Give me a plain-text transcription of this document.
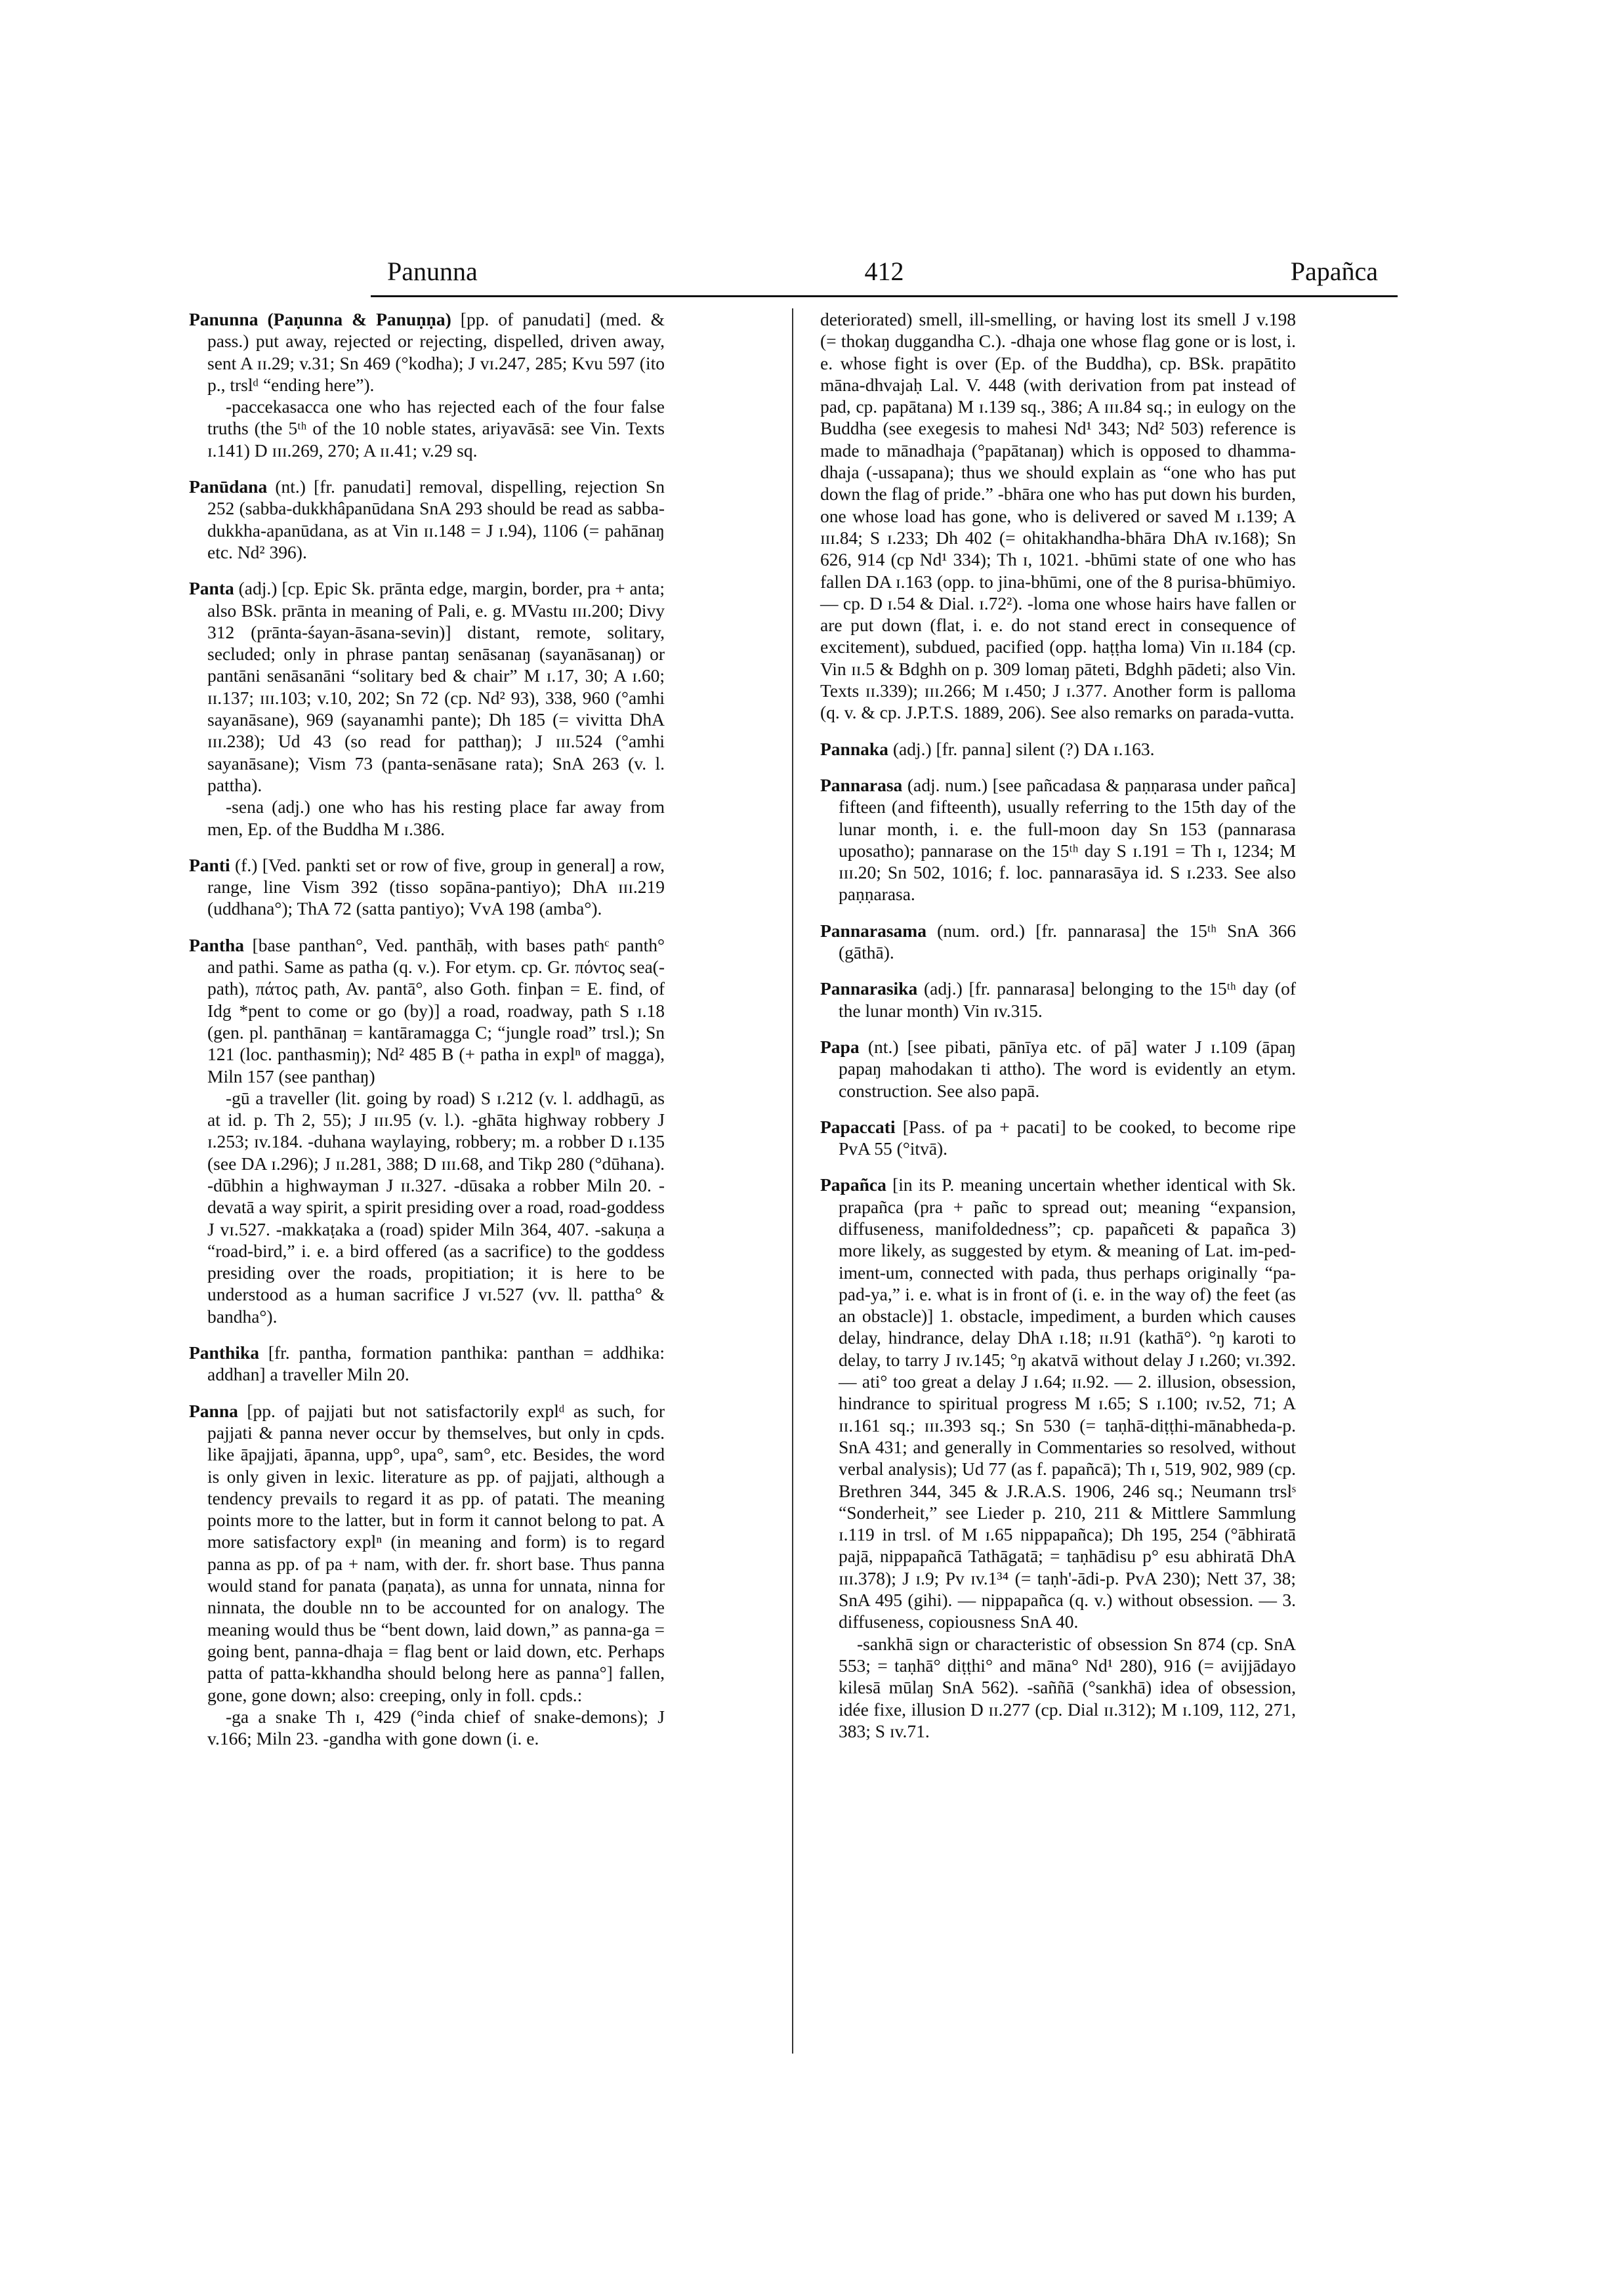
Panunna	412	Papañca

Panunna (Paṇunna & Panuṇṇa) [pp. of panudati] (med. & pass.) put away, rejected or rejecting, dispelled, driven away, sent A ɪɪ.29; v.31; Sn 469 (°kodha); J vɪ.247, 285; Kvu 597 (ito p., trslᵈ “ending here”).
-paccekasacca one who has rejected each of the four false truths (the 5ᵗʰ of the 10 noble states, ariyavāsā: see Vin. Texts ɪ.141) D ɪɪɪ.269, 270; A ɪɪ.41; v.29 sq.

Panūdana (nt.) [fr. panudati] removal, dispelling, rejection Sn 252 (sabba-dukkhâpanūdana SnA 293 should be read as sabba-dukkha-apanūdana, as at Vin ɪɪ.148 = J ɪ.94), 1106 (= pahānaŋ etc. Nd² 396).

Panta (adj.) [cp. Epic Sk. prānta edge, margin, border, pra + anta; also BSk. prānta in meaning of Pali, e. g. MVastu ɪɪɪ.200; Divy 312 (prānta-śayan-āsana-sevin)] distant, remote, solitary, secluded; only in phrase pantaŋ senāsanaŋ (sayanāsanaŋ) or pantāni senāsanāni “solitary bed & chair” M ɪ.17, 30; A ɪ.60; ɪɪ.137; ɪɪɪ.103; v.10, 202; Sn 72 (cp. Nd² 93), 338, 960 (°amhi sayanāsane), 969 (sayanamhi pante); Dh 185 (= vivitta DhA ɪɪɪ.238); Ud 43 (so read for patthaŋ); J ɪɪɪ.524 (°amhi sayanāsane); Vism 73 (panta-senāsane rata); SnA 263 (v. l. pattha).
-sena (adj.) one who has his resting place far away from men, Ep. of the Buddha M ɪ.386.

Panti (f.) [Ved. pankti set or row of five, group in general] a row, range, line Vism 392 (tisso sopāna-pantiyo); DhA ɪɪɪ.219 (uddhana°); ThA 72 (satta pantiyo); VvA 198 (amba°).

Pantha [base panthan°, Ved. panthāḥ, with bases pathᶜ panth° and pathi. Same as patha (q. v.). For etym. cp. Gr. πόντος sea(-path), πάτος path, Av. pantā°, also Goth. finþan = E. find, of Idg *pent to come or go (by)] a road, roadway, path S ɪ.18 (gen. pl. panthānaŋ = kantāramagga C; “jungle road” trsl.); Sn 121 (loc. panthasmiŋ); Nd² 485 B (+ patha in explⁿ of magga), Miln 157 (see panthaŋ)
-gū a traveller (lit. going by road) S ɪ.212 (v. l. addhagū, as at id. p. Th 2, 55); J ɪɪɪ.95 (v. l.). -ghāta highway robbery J ɪ.253; ɪv.184. -duhana waylaying, robbery; m. a robber D ɪ.135 (see DA ɪ.296); J ɪɪ.281, 388; D ɪɪɪ.68, and Tikp 280 (°dūhana). -dūbhin a highwayman J ɪɪ.327. -dūsaka a robber Miln 20. -devatā a way spirit, a spirit presiding over a road, road-goddess J vɪ.527. -makkaṭaka a (road) spider Miln 364, 407. -sakuṇa a “road-bird,” i. e. a bird offered (as a sacrifice) to the goddess presiding over the roads, propitiation; it is here to be understood as a human sacrifice J vɪ.527 (vv. ll. pattha° & bandha°).

Panthika [fr. pantha, formation panthika: panthan = addhika: addhan] a traveller Miln 20.

Panna [pp. of pajjati but not satisfactorily explᵈ as such, for pajjati & panna never occur by themselves, but only in cpds. like āpajjati, āpanna, upp°, upa°, sam°, etc. Besides, the word is only given in lexic. literature as pp. of pajjati, although a tendency prevails to regard it as pp. of patati. The meaning points more to the latter, but in form it cannot belong to pat. A more satisfactory explⁿ (in meaning and form) is to regard panna as pp. of pa + nam, with der. fr. short base. Thus panna would stand for panata (paṇata), as unna for unnata, ninna for ninnata, the double nn to be accounted for on analogy. The meaning would thus be “bent down, laid down,” as panna-ga = going bent, panna-dhaja = flag bent or laid down, etc. Perhaps patta of patta-kkhandha should belong here as panna°] fallen, gone, gone down; also: creeping, only in foll. cpds.:
-ga a snake Th ɪ, 429 (°inda chief of snake-demons); J v.166; Miln 23. -gandha with gone down (i. e.

deteriorated) smell, ill-smelling, or having lost its smell J v.198 (= thokaŋ duggandha C.). -dhaja one whose flag gone or is lost, i. e. whose fight is over (Ep. of the Buddha), cp. BSk. prapātito māna-dhvajaḥ Lal. V. 448 (with derivation from pat instead of pad, cp. papātana) M ɪ.139 sq., 386; A ɪɪɪ.84 sq.; in eulogy on the Buddha (see exegesis to mahesi Nd¹ 343; Nd² 503) reference is made to mānadhaja (°papātanaŋ) which is opposed to dhamma-dhaja (-ussapana); thus we should explain as “one who has put down the flag of pride.” -bhāra one who has put down his burden, one whose load has gone, who is delivered or saved M ɪ.139; A ɪɪɪ.84; S ɪ.233; Dh 402 (= ohitakhandha-bhāra DhA ɪv.168); Sn 626, 914 (cp Nd¹ 334); Th ɪ, 1021. -bhūmi state of one who has fallen DA ɪ.163 (opp. to jina-bhūmi, one of the 8 purisa-bhūmiyo. — cp. D ɪ.54 & Dial. ɪ.72²). -loma one whose hairs have fallen or are put down (flat, i. e. do not stand erect in consequence of excitement), subdued, pacified (opp. haṭṭha loma) Vin ɪɪ.184 (cp. Vin ɪɪ.5 & Bdghh on p. 309 lomaŋ pāteti, Bdghh pādeti; also Vin. Texts ɪɪ.339); ɪɪɪ.266; M ɪ.450; J ɪ.377. Another form is palloma (q. v. & cp. J.P.T.S. 1889, 206). See also remarks on parada-vutta.

Pannaka (adj.) [fr. panna] silent (?) DA ɪ.163.

Pannarasa (adj. num.) [see pañcadasa & paṇṇarasa under pañca] fifteen (and fifteenth), usually referring to the 15th day of the lunar month, i. e. the full-moon day Sn 153 (pannarasa uposatho); pannarase on the 15ᵗʰ day S ɪ.191 = Th ɪ, 1234; M ɪɪɪ.20; Sn 502, 1016; f. loc. pannarasāya id. S ɪ.233. See also paṇṇarasa.

Pannarasama (num. ord.) [fr. pannarasa] the 15ᵗʰ SnA 366 (gāthā).

Pannarasika (adj.) [fr. pannarasa] belonging to the 15ᵗʰ day (of the lunar month) Vin ɪv.315.

Papa (nt.) [see pibati, pānīya etc. of pā] water J ɪ.109 (āpaŋ papaŋ mahodakan ti attho). The word is evidently an etym. construction. See also papā.

Papaccati [Pass. of pa + pacati] to be cooked, to become ripe PvA 55 (°itvā).

Papañca [in its P. meaning uncertain whether identical with Sk. prapañca (pra + pañc to spread out; meaning “expansion, diffuseness, manifoldedness”; cp. papañceti & papañca 3) more likely, as suggested by etym. & meaning of Lat. im-ped-iment-um, connected with pada, thus perhaps originally “pa-pad-ya,” i. e. what is in front of (i. e. in the way of) the feet (as an obstacle)] 1. obstacle, impediment, a burden which causes delay, hindrance, delay DhA ɪ.18; ɪɪ.91 (kathā°). °ŋ karoti to delay, to tarry J ɪv.145; °ŋ akatvā without delay J ɪ.260; vɪ.392. — ati° too great a delay J ɪ.64; ɪɪ.92. — 2. illusion, obsession, hindrance to spiritual progress M ɪ.65; S ɪ.100; ɪv.52, 71; A ɪɪ.161 sq.; ɪɪɪ.393 sq.; Sn 530 (= taṇhā-diṭṭhi-mānabheda-p. SnA 431; and generally in Commentaries so resolved, without verbal analysis); Ud 77 (as f. papañcā); Th ɪ, 519, 902, 989 (cp. Brethren 344, 345 & J.R.A.S. 1906, 246 sq.; Neumann trslˢ “Sonderheit,” see Lieder p. 210, 211 & Mittlere Sammlung ɪ.119 in trsl. of M ɪ.65 nippapañca); Dh 195, 254 (°ābhiratā pajā, nippapañcā Tathāgatā; = taṇhādisu p° esu abhiratā DhA ɪɪɪ.378); J ɪ.9; Pv ɪv.1³⁴ (= taṇh'-ādi-p. PvA 230); Nett 37, 38; SnA 495 (gihi). — nippapañca (q. v.) without obsession. — 3. diffuseness, copiousness SnA 40.
-sankhā sign or characteristic of obsession Sn 874 (cp. SnA 553; = taṇhā° diṭṭhi° and māna° Nd¹ 280), 916 (= avijjādayo kilesā mūlaŋ SnA 562). -saññā (°sankhā) idea of obsession, idée fixe, illusion D ɪɪ.277 (cp. Dial ɪɪ.312); M ɪ.109, 112, 271, 383; S ɪv.71.
